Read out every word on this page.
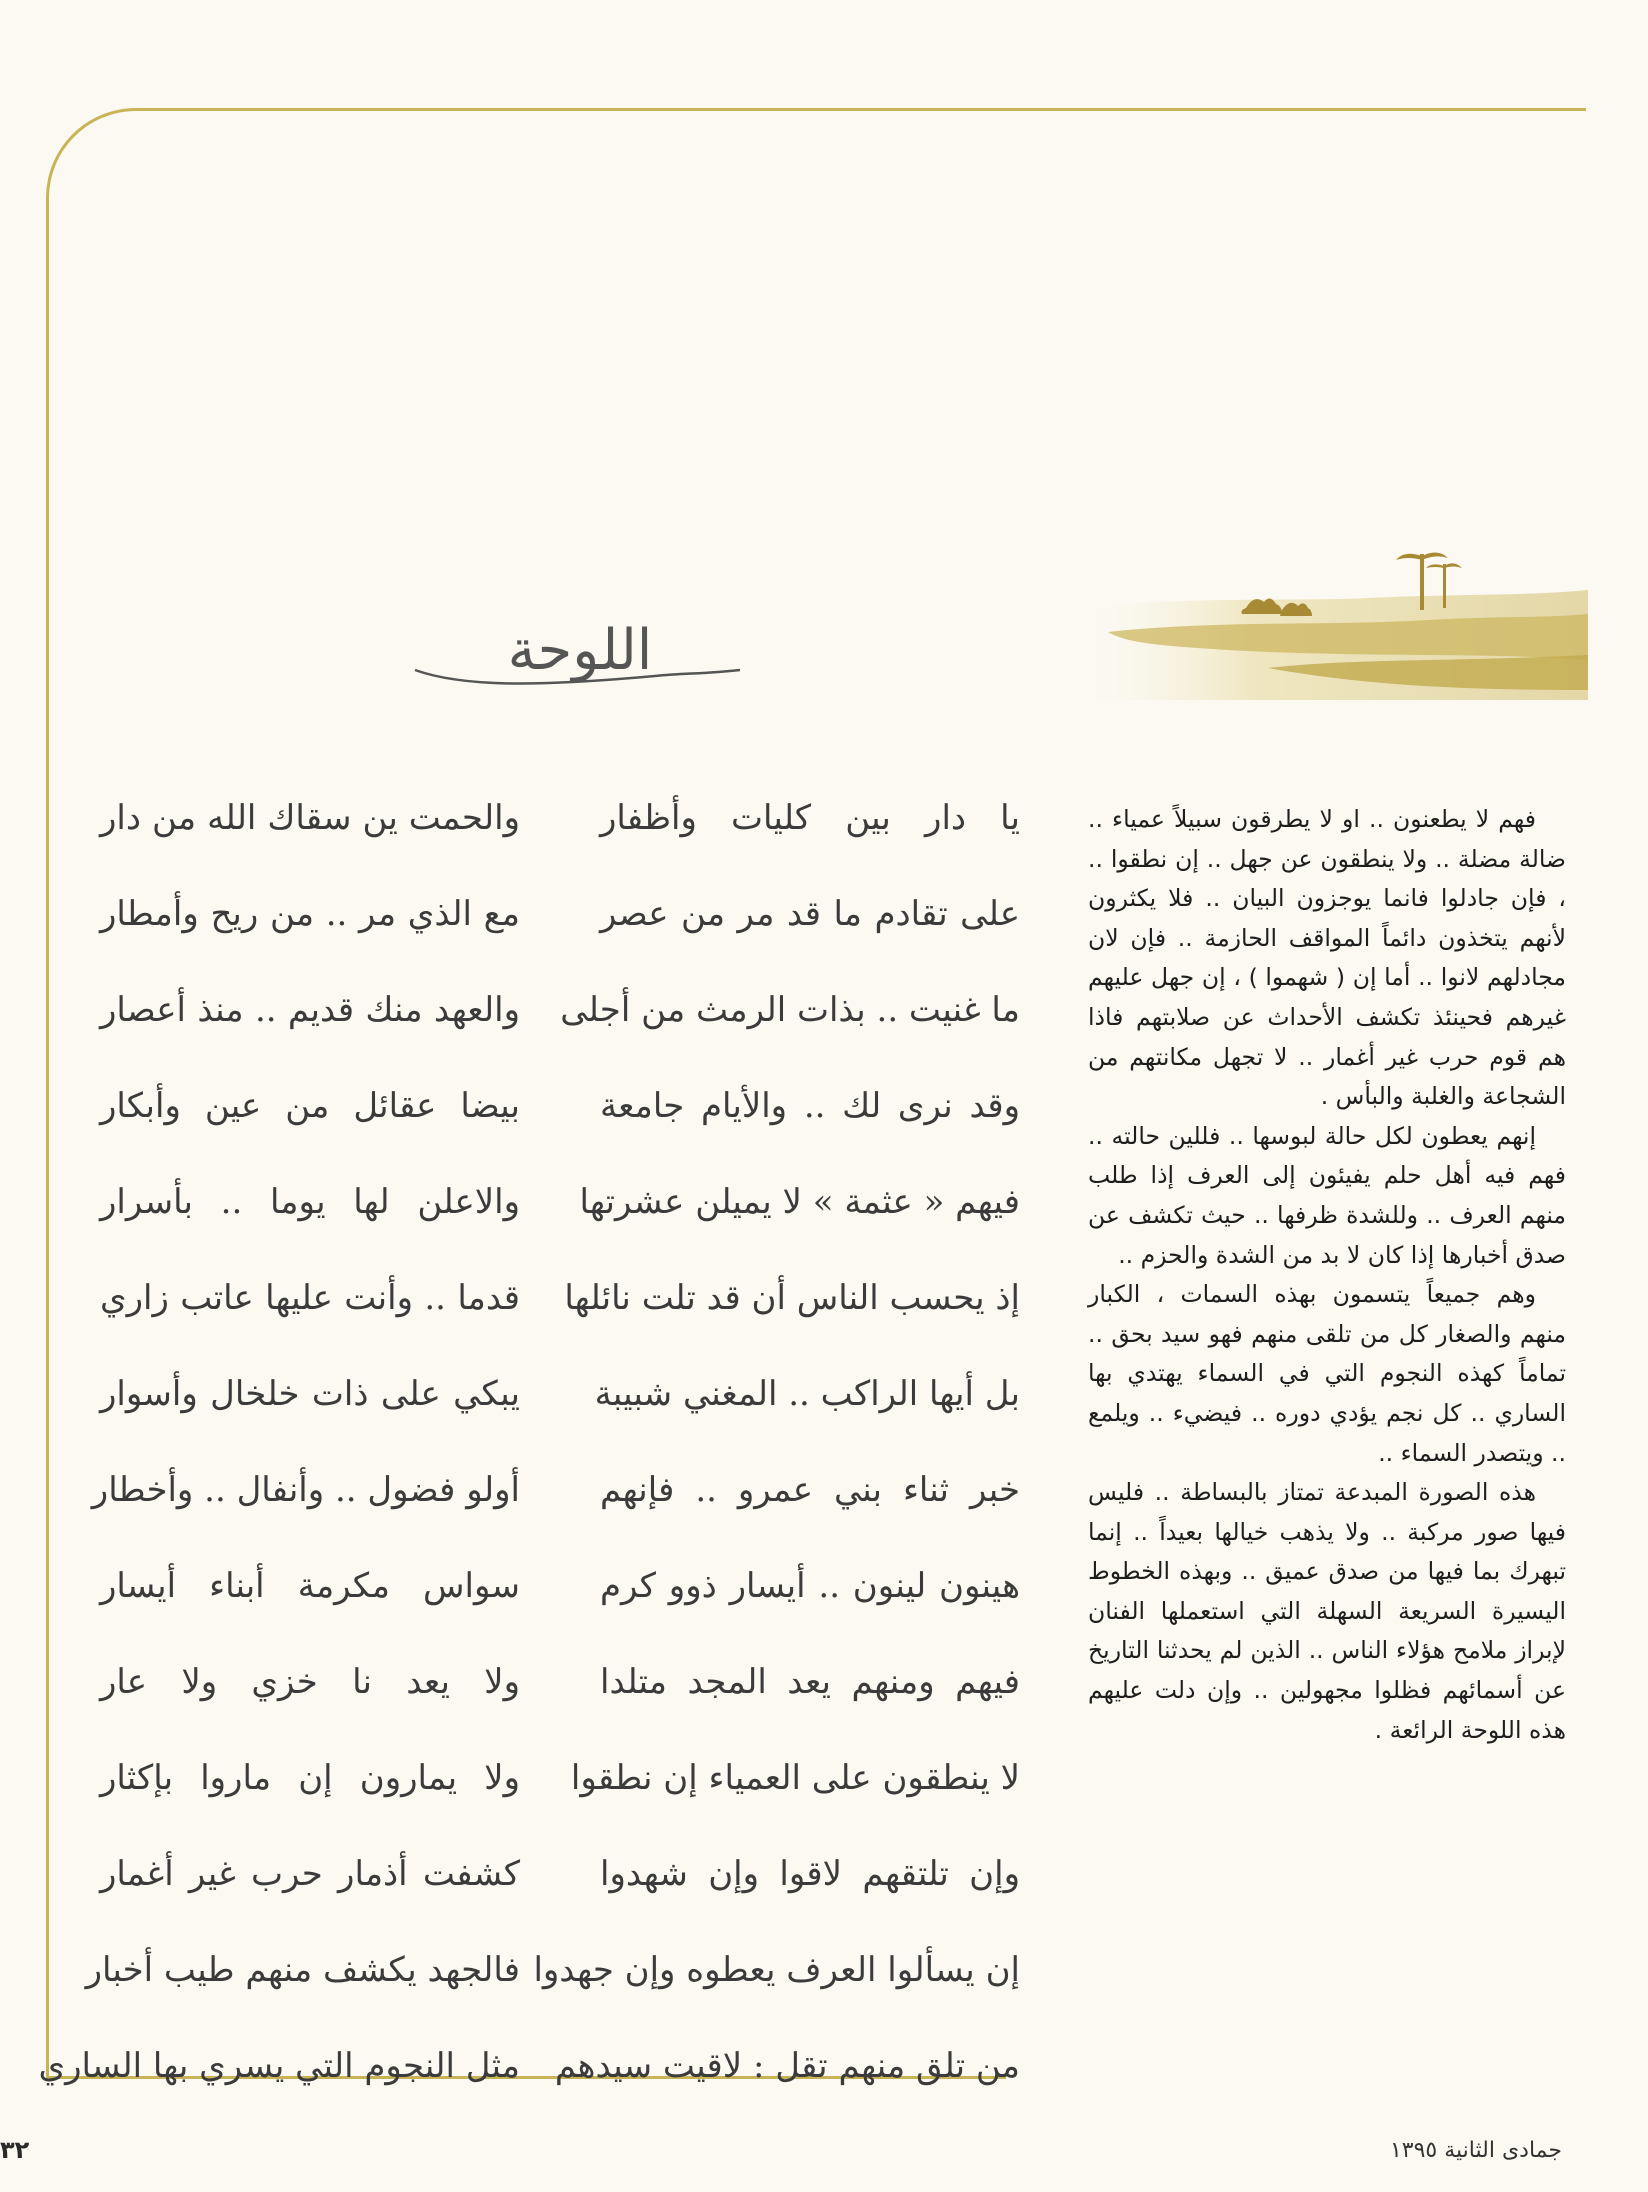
اللوحة
يا دار بين كليات وأظفار
على تقادم ما قد مر من عصر
ما غنيت .. بذات الرمث من أجلى
وقد نرى لك .. والأيام جامعة
فيهم « عثمة » لا يميلن عشرتها
إذ يحسب الناس أن قد تلت نائلها
بل أيها الراكب .. المغني شبيبة
خبر ثناء بني عمرو .. فإنهم
هينون لينون .. أيسار ذوو كرم
فيهم ومنهم يعد المجد متلدا
لا ينطقون على العمياء إن نطقوا
وإن تلتقهم لاقوا وإن شهدوا
إن يسألوا العرف يعطوه وإن جهدوا
من تلق منهم تقل : لاقيت سيدهم
والحمت ين سقاك الله من دار
مع الذي مر .. من ريح وأمطار
والعهد منك قديم .. منذ أعصار
بيضا عقائل من عين وأبكار
والاعلن لها يوما .. بأسرار
قدما .. وأنت عليها عاتب زاري
يبكي على ذات خلخال وأسوار
أولو فضول .. وأنفال .. وأخطار
سواس مكرمة أبناء أيسار
ولا يعد نا خزي ولا عار
ولا يمارون إن ماروا بإكثار
كشفت أذمار حرب غير أغمار
فالجهد يكشف منهم طيب أخبار
مثل النجوم التي يسري بها الساري

فهم لا يطعنون .. او لا يطرقون سبيلاً عمياء .. ضالة مضلة .. ولا ينطقون عن جهل .. إن نطقوا .. ، فإن جادلوا فانما يوجزون البيان .. فلا يكثرون لأنهم يتخذون دائماً المواقف الحازمة .. فإن لان مجادلهم لانوا .. أما إن ( شهموا ) ، إن جهل عليهم غيرهم فحينئذ تكشف الأحداث عن صلابتهم فاذا هم قوم حرب غير أغمار .. لا تجهل مكانتهم من الشجاعة والغلبة والبأس .

إنهم يعطون لكل حالة لبوسها .. فللين حالته .. فهم فيه أهل حلم يفيئون إلى العرف إذا طلب منهم العرف .. وللشدة ظرفها .. حيث تكشف عن صدق أخبارها إذا كان لا بد من الشدة والحزم ..

وهم جميعاً يتسمون بهذه السمات ، الكبار منهم والصغار كل من تلقى منهم فهو سيد بحق .. تماماً كهذه النجوم التي في السماء يهتدي بها الساري .. كل نجم يؤدي دوره .. فيضيء .. ويلمع .. ويتصدر السماء ..

هذه الصورة المبدعة تمتاز بالبساطة .. فليس فيها صور مركبة .. ولا يذهب خيالها بعيداً .. إنما تبهرك بما فيها من صدق عميق .. وبهذه الخطوط اليسيرة السريعة السهلة التي استعملها الفنان لإبراز ملامح هؤلاء الناس .. الذين لم يحدثنا التاريخ عن أسمائهم فظلوا مجهولين .. وإن دلت عليهم هذه اللوحة الرائعة .

٣٢	جمادى الثانية ١٣٩٥
